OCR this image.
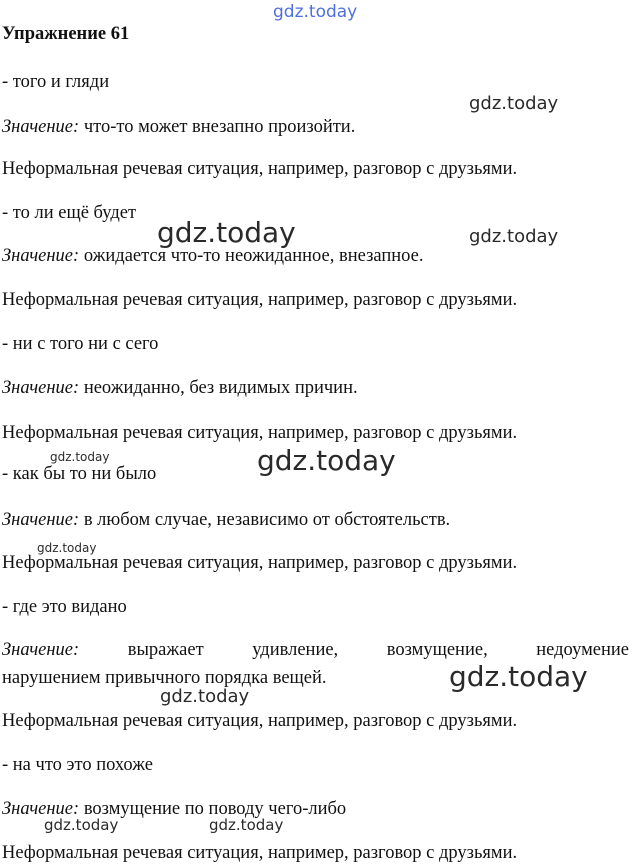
gdz.today
gdz.today
gdz.today	gdz.today
gdz.today	gdz.today
gdz.today
gdz.today
gdz.today
gdz.today	gdz.today
Упражнение 61
- того и гляди
Значение: что-то может внезапно произойти.
Неформальная речевая ситуация, например, разговор с друзьями.
- то ли ещё будет
Значение: ожидается что-то неожиданное, внезапное.
Неформальная речевая ситуация, например, разговор с друзьями.
- ни с того ни с сего
Значение: неожиданно, без видимых причин.
Неформальная речевая ситуация, например, разговор с друзьями.
- как бы то ни было
Значение: в любом случае, независимо от обстоятельств.
Неформальная речевая ситуация, например, разговор с друзьями.
- где это видано
Значение:	выражает удивление, возмущение, недоумение
нарушением привычного порядка вещей.
Неформальная речевая ситуация, например, разговор с друзьями.
- на что это похоже
Значение: возмущение по поводу чего-либо
Неформальная речевая ситуация, например, разговор с друзьями.
